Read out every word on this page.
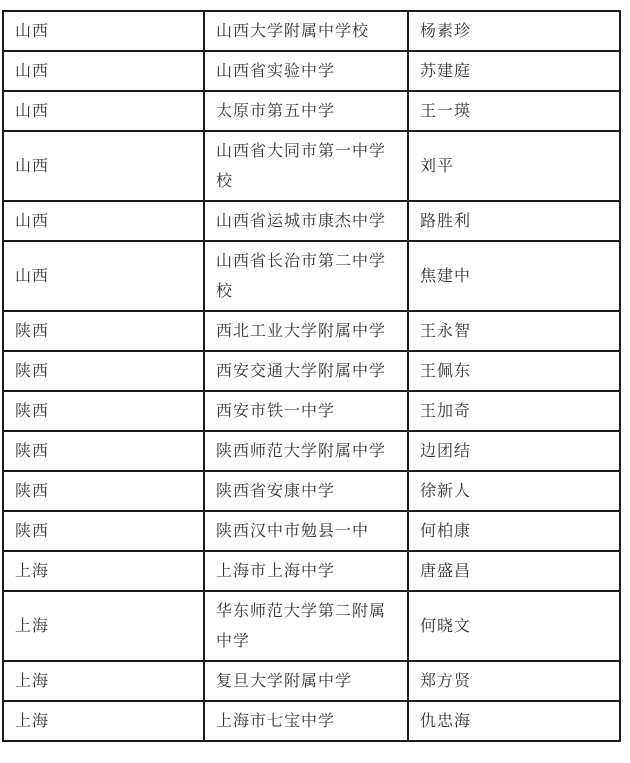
山西	山西大学附属中学校	杨素珍
山西	山西省实验中学	苏建庭
山西	太原市第五中学	王一瑛
山西	山西省大同市第一中学校	刘平
山西	山西省运城市康杰中学	路胜利
山西	山西省长治市第二中学校	焦建中
陕西	西北工业大学附属中学	王永智
陕西	西安交通大学附属中学	王佩东
陕西	西安市铁一中学	王加奇
陕西	陕西师范大学附属中学	边团结
陕西	陕西省安康中学	徐新人
陕西	陕西汉中市勉县一中	何柏康
上海	上海市上海中学	唐盛昌
上海	华东师范大学第二附属中学	何晓文
上海	复旦大学附属中学	郑方贤
上海	上海市七宝中学	仇忠海
